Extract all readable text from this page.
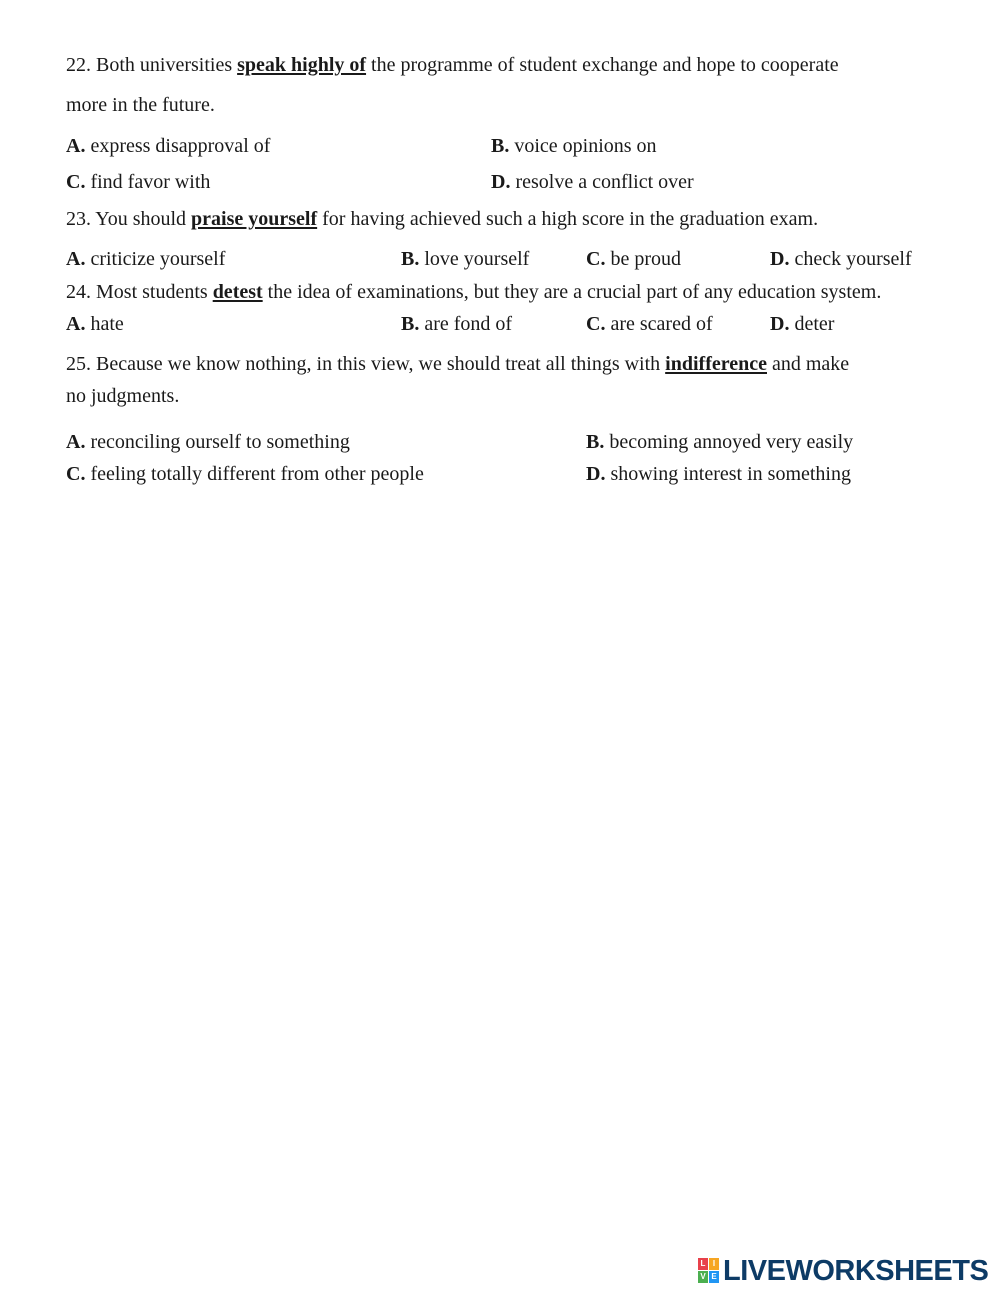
22. Both universities speak highly of the programme of student exchange and hope to cooperate
more in the future.
A. express disapproval of	B. voice opinions on
C. find favor with	D. resolve a conflict over
23. You should praise yourself for having achieved such a high score in the graduation exam.
A. criticize yourself	B. love yourself	C. be proud	D. check yourself
24. Most students detest the idea of examinations, but they are a crucial part of any education system.
A. hate	B. are fond of	C. are scared of	D. deter
25. Because we know nothing, in this view, we should treat all things with indifference and make
no judgments.
A. reconciling ourself to something	B. becoming annoyed very easily
C. feeling totally different from other people	D. showing interest in something
L I
V E LIVEWORKSHEETS
